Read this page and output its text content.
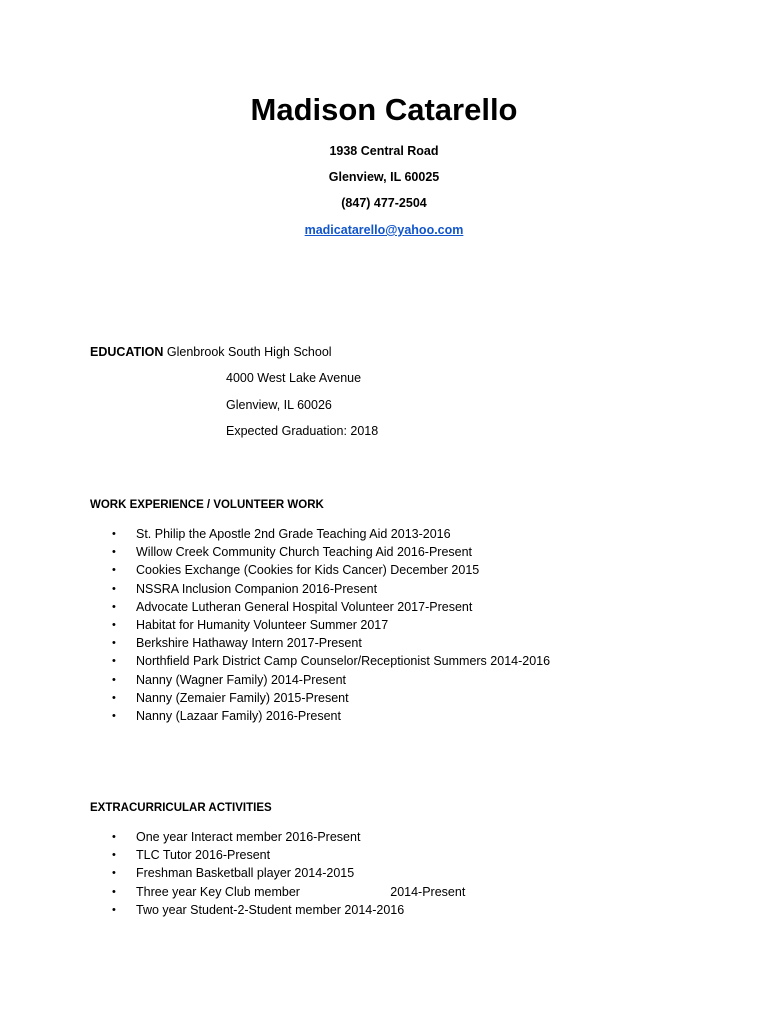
Madison Catarello
1938 Central Road
Glenview, IL 60025
(847) 477-2504
madicatarello@yahoo.com
EDUCATION Glenbrook South High School
4000 West Lake Avenue
Glenview, IL 60026
Expected Graduation: 2018
WORK EXPERIENCE / VOLUNTEER WORK
• St. Philip the Apostle 2nd Grade Teaching Aid 2013-2016
• Willow Creek Community Church Teaching Aid 2016-Present
• Cookies Exchange (Cookies for Kids Cancer) December 2015
• NSSRA Inclusion Companion 2016-Present
• Advocate Lutheran General Hospital Volunteer 2017-Present
• Habitat for Humanity Volunteer Summer 2017
• Berkshire Hathaway Intern 2017-Present
• Northfield Park District Camp Counselor/Receptionist Summers 2014-2016
• Nanny (Wagner Family) 2014-Present
• Nanny (Zemaier Family) 2015-Present
• Nanny (Lazaar Family) 2016-Present
EXTRACURRICULAR ACTIVITIES
• One year Interact member 2016-Present
• TLC Tutor 2016-Present
• Freshman Basketball player 2014-2015
• Three year Key Club member                          2014-Present
• Two year Student-2-Student member 2014-2016
